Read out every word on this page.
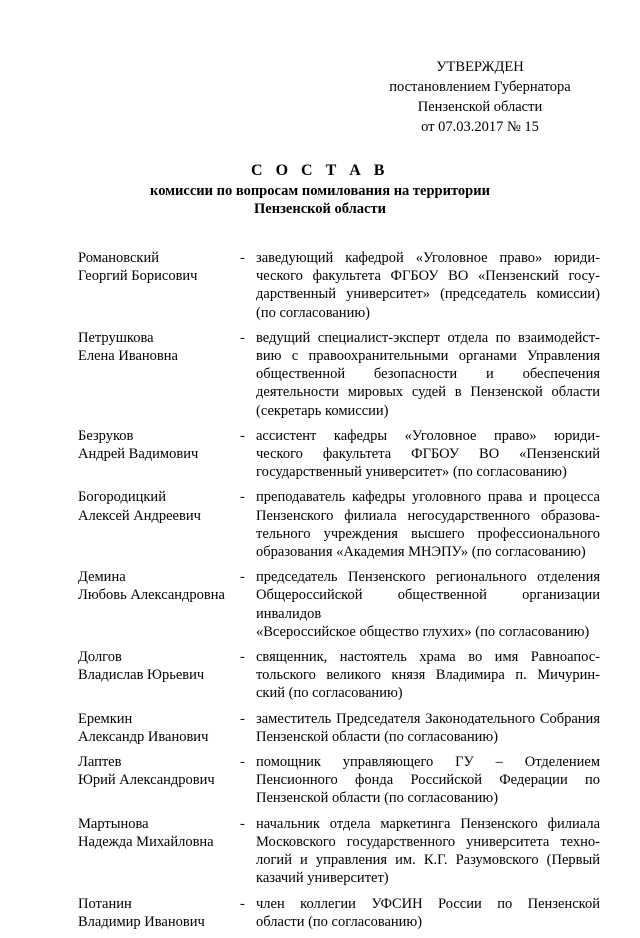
УТВЕРЖДЕН
постановлением Губернатора
Пензенской области
от 07.03.2017 № 15
С О С Т А В
комиссии по вопросам помилования на территории
Пензенской области
Романовский
Георгий Борисович
- заведующий кафедрой «Уголовное право» юриди-
ческого факультета ФГБОУ ВО «Пензенский госу-
дарственный университет» (председатель комиссии)
(по согласованию)
Петрушкова
Елена Ивановна
- ведущий специалист-эксперт отдела по взаимодейст-
вию с правоохранительными органами Управления
общественной безопасности и обеспечения
деятельности мировых судей в Пензенской области
(секретарь комиссии)
Безруков
Андрей Вадимович
- ассистент кафедры «Уголовное право» юриди-
ческого факультета ФГБОУ ВО «Пензенский
государственный университет» (по согласованию)
Богородицкий
Алексей Андреевич
- преподаватель кафедры уголовного права и процесса
Пензенского филиала негосударственного образова-
тельного учреждения высшего профессионального
образования «Академия МНЭПУ» (по согласованию)
Демина
Любовь Александровна
- председатель Пензенского регионального отделения
Общероссийской общественной организации инвалидов
«Всероссийское общество глухих» (по согласованию)
Долгов
Владислав Юрьевич
- священник, настоятель храма во имя Равноапос-
тольского великого князя Владимира п. Мичурин-
ский (по согласованию)
Еремкин
Александр Иванович
- заместитель Председателя Законодательного Собрания
Пензенской области (по согласованию)
Лаптев
Юрий Александрович
- помощник управляющего ГУ – Отделением
Пенсионного фонда Российской Федерации по
Пензенской области (по согласованию)
Мартынова
Надежда Михайловна
- начальник отдела маркетинга Пензенского филиала
Московского государственного университета техно-
логий и управления им. К.Г. Разумовского (Первый
казачий университет)
Потанин
Владимир Иванович
- член коллегии УФСИН России по Пензенской
области (по согласованию)
